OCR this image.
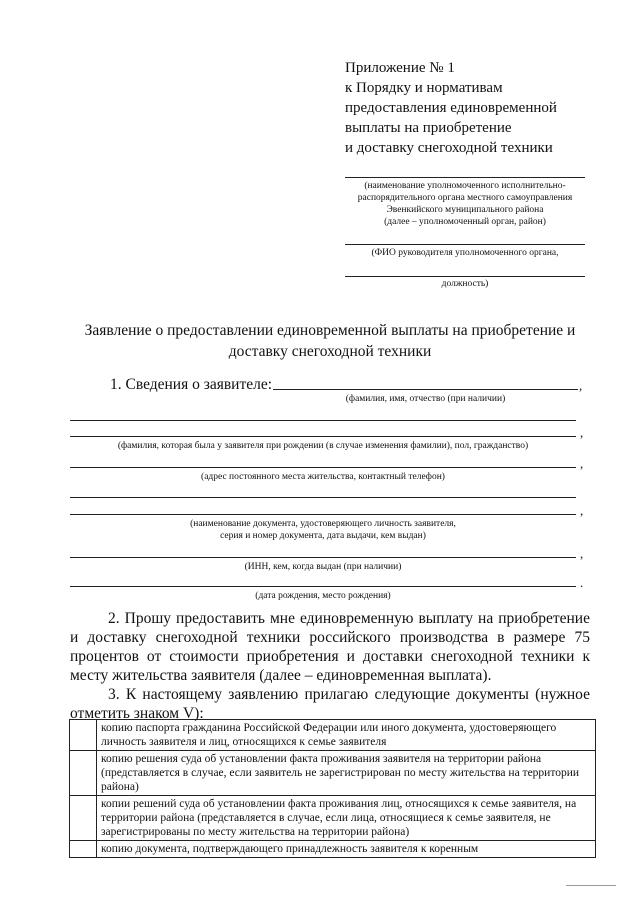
Приложение № 1
к Порядку и нормативам
предоставления единовременной
выплаты на приобретение
и доставку снегоходной техники
(наименование уполномоченного исполнительно-
распорядительного органа местного самоуправления
Эвенкийского муниципального района
(далее – уполномоченный орган, район)
(ФИО руководителя уполномоченного органа,
должность)
Заявление о предоставлении единовременной выплаты на приобретение и доставку снегоходной техники
1. Сведения о заявителе:	,
(фамилия, имя, отчество (при наличии)
,
(фамилия, которая была у заявителя при рождении (в случае изменения фамилии), пол, гражданство)
,
(адрес постоянного места жительства, контактный телефон)
,
(наименование документа, удостоверяющего личность заявителя,
серия и номер документа, дата выдачи, кем выдан)
,
(ИНН, кем, когда выдан (при наличии)
.
(дата рождения, место рождения)
2. Прошу предоставить мне единовременную выплату на приобретение и доставку снегоходной техники российского производства в размере 75 процентов от стоимости приобретения и доставки снегоходной техники к месту жительства заявителя (далее – единовременная выплата).
3. К настоящему заявлению прилагаю следующие документы (нужное отметить знаком V):
	копию паспорта гражданина Российской Федерации или иного документа, удостоверяющего личность заявителя и лиц, относящихся к семье заявителя
	копию решения суда об установлении факта проживания заявителя на территории района (представляется в случае, если заявитель не зарегистрирован по месту жительства на территории района)
	копии решений суда об установлении факта проживания лиц, относящихся к семье заявителя, на территории района (представляется в случае, если лица, относящиеся к семье заявителя, не зарегистрированы по месту жительства на территории района)
	копию документа, подтверждающего принадлежность заявителя к коренным
